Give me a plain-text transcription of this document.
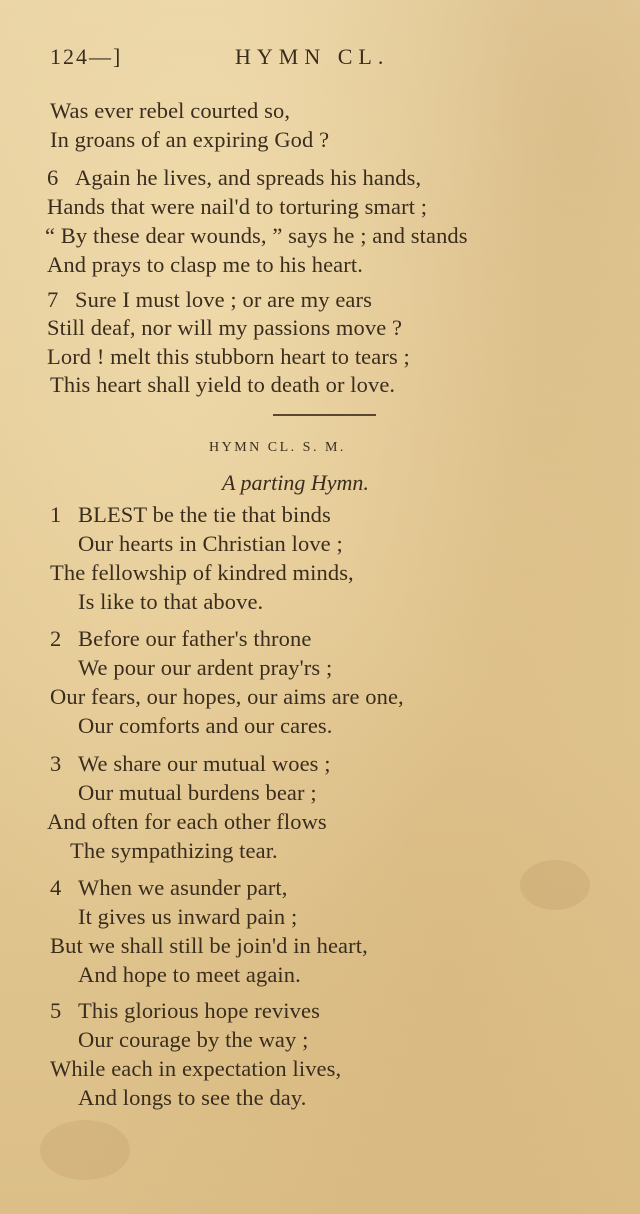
124—]	HYMN CL.
Was ever rebel courted so,
In groans of an expiring God ?
6 Again he lives, and spreads his hands,
Hands that were nail'd to torturing smart ;
“ By these dear wounds, ” says he ; and stands
And prays to clasp me to his heart.
7 Sure I must love ; or are my ears
Still deaf, nor will my passions move ?
Lord ! melt this stubborn heart to tears ;
This heart shall yield to death or love.
HYMN CL. S. M.
A parting Hymn.
1 BLEST be the tie that binds
Our hearts in Christian love ;
The fellowship of kindred minds,
Is like to that above.
2 Before our father's throne
We pour our ardent pray'rs ;
Our fears, our hopes, our aims are one,
Our comforts and our cares.
3 We share our mutual woes ;
Our mutual burdens bear ;
And often for each other flows
The sympathizing tear.
4 When we asunder part,
It gives us inward pain ;
But we shall still be join'd in heart,
And hope to meet again.
5 This glorious hope revives
Our courage by the way ;
While each in expectation lives,
And longs to see the day.
